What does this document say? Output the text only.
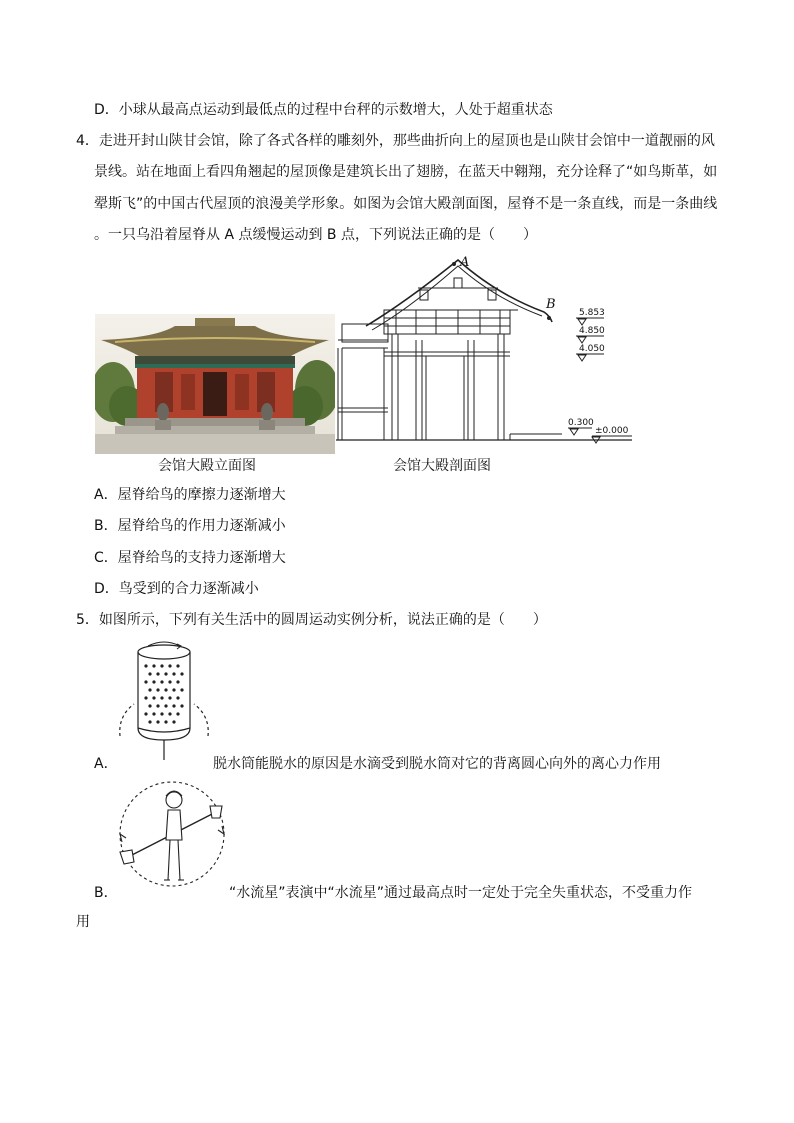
D．小球从最高点运动到最低点的过程中台秤的示数增大，人处于超重状态
4．走进开封山陕甘会馆，除了各式各样的雕刻外，那些曲折向上的屋顶也是山陕甘会馆中一道靓丽的风
景线。站在地面上看四角翘起的屋顶像是建筑长出了翅膀，在蓝天中翱翔，充分诠释了“如鸟斯革，如
翚斯飞”的中国古代屋顶的浪漫美学形象。如图为会馆大殿剖面图，屋脊不是一条直线，而是一条曲线
。一只乌沿着屋脊从 A 点缓慢运动到 B 点，下列说法正确的是（　　）
会馆大殿立面图
A
B
5.853
4.850
4.050
0.300
±0.000
会馆大殿剖面图
A．屋脊给鸟的摩擦力逐渐增大
B．屋脊给鸟的作用力逐渐减小
C．屋脊给鸟的支持力逐渐增大
D．鸟受到的合力逐渐减小
5．如图所示，下列有关生活中的圆周运动实例分析，说法正确的是（　　）
A．	脱水筒能脱水的原因是水滴受到脱水筒对它的背离圆心向外的离心力作用
B．	“水流星”表演中“水流星”通过最高点时一定处于完全失重状态，不受重力作
用
